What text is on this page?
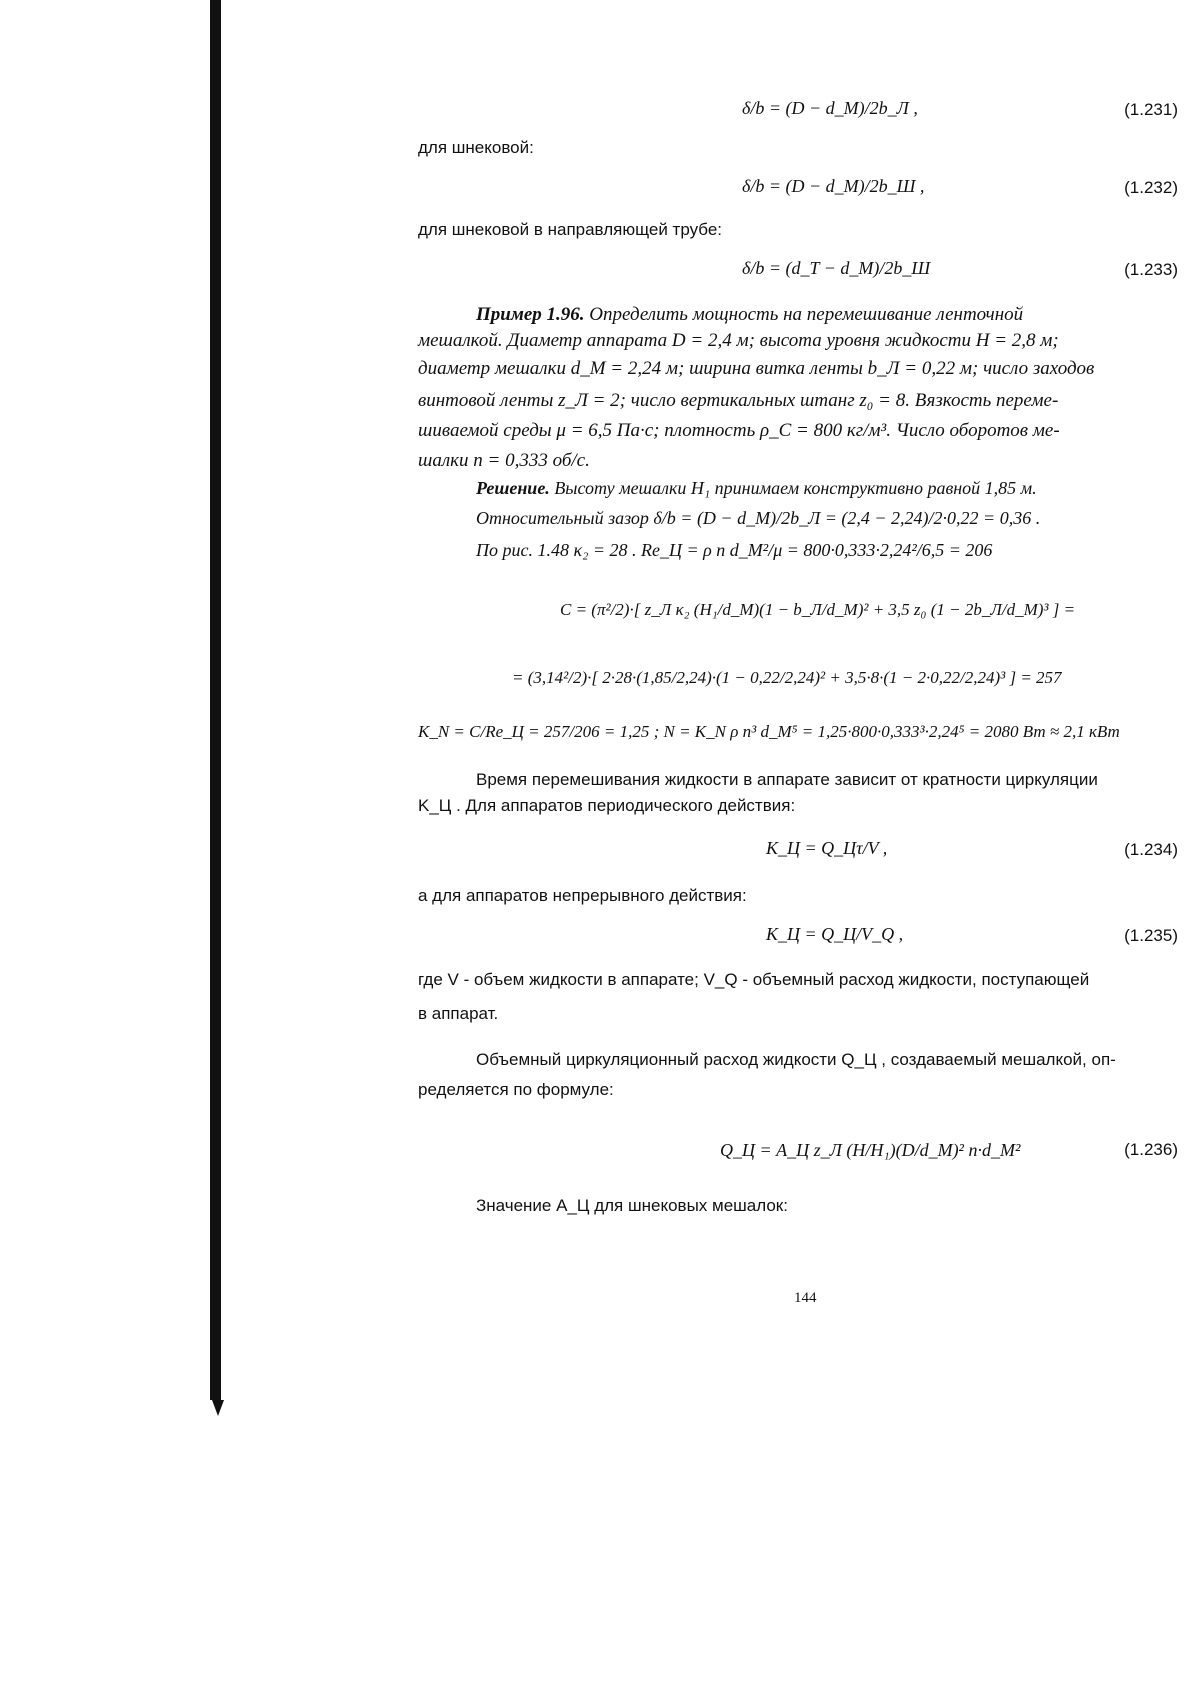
δ/b = (D − d_M)/2b_Л ,	(1.231)
для шнековой:
δ/b = (D − d_M)/2b_Ш ,	(1.232)
для шнековой в направляющей трубе:
δ/b = (d_T − d_M)/2b_Ш	(1.233)
Пример 1.96. Определить мощность на перемешивание ленточной
мешалкой. Диаметр аппарата D = 2,4 м; высота уровня жидкости H = 2,8 м;
диаметр мешалки d_М = 2,24 м; ширина витка ленты b_Л = 0,22 м; число заходов
винтовой ленты z_Л = 2; число вертикальных штанг z₀ = 8. Вязкость переме-
шиваемой среды μ = 6,5 Па·с; плотность ρ_C = 800 кг/м³. Число оборотов ме-
шалки n = 0,333 об/с.
Решение. Высоту мешалки H₁ принимаем конструктивно равной 1,85 м.
Относительный зазор δ/b = (D − d_М)/2b_Л = (2,4 − 2,24)/2·0,22 = 0,36 .
По рис. 1.48 κ₂ = 28 . Re_Ц = ρ n d_М²/μ = 800·0,333·2,24²/6,5 = 206
C = (π²/2)·[ z_Л κ₂ (H₁/d_М)(1 − b_Л/d_М)² + 3,5 z₀ (1 − 2b_Л/d_М)³ ] =
= (3,14²/2)·[ 2·28·(1,85/2,24)·(1 − 0,22/2,24)² + 3,5·8·(1 − 2·0,22/2,24)³ ] = 257
K_N = C/Re_Ц = 257/206 = 1,25 ; N = K_N ρ n³ d_М⁵ = 1,25·800·0,333³·2,24⁵ = 2080 Вт ≈ 2,1 кВт
Время перемешивания жидкости в аппарате зависит от кратности циркуляции
K_Ц . Для аппаратов периодического действия:
K_Ц = Q_Цτ/V ,	(1.234)
а для аппаратов непрерывного действия:
K_Ц = Q_Ц/V_Q ,	(1.235)
где V - объем жидкости в аппарате; V_Q - объемный расход жидкости, поступающей
в аппарат.
Объемный циркуляционный расход жидкости Q_Ц , создаваемый мешалкой, оп-
ределяется по формуле:
Q_Ц = A_Ц z_Л (H/H₁)(D/d_M)² n·d_M²	(1.236)
Значение A_Ц для шнековых мешалок:
144
